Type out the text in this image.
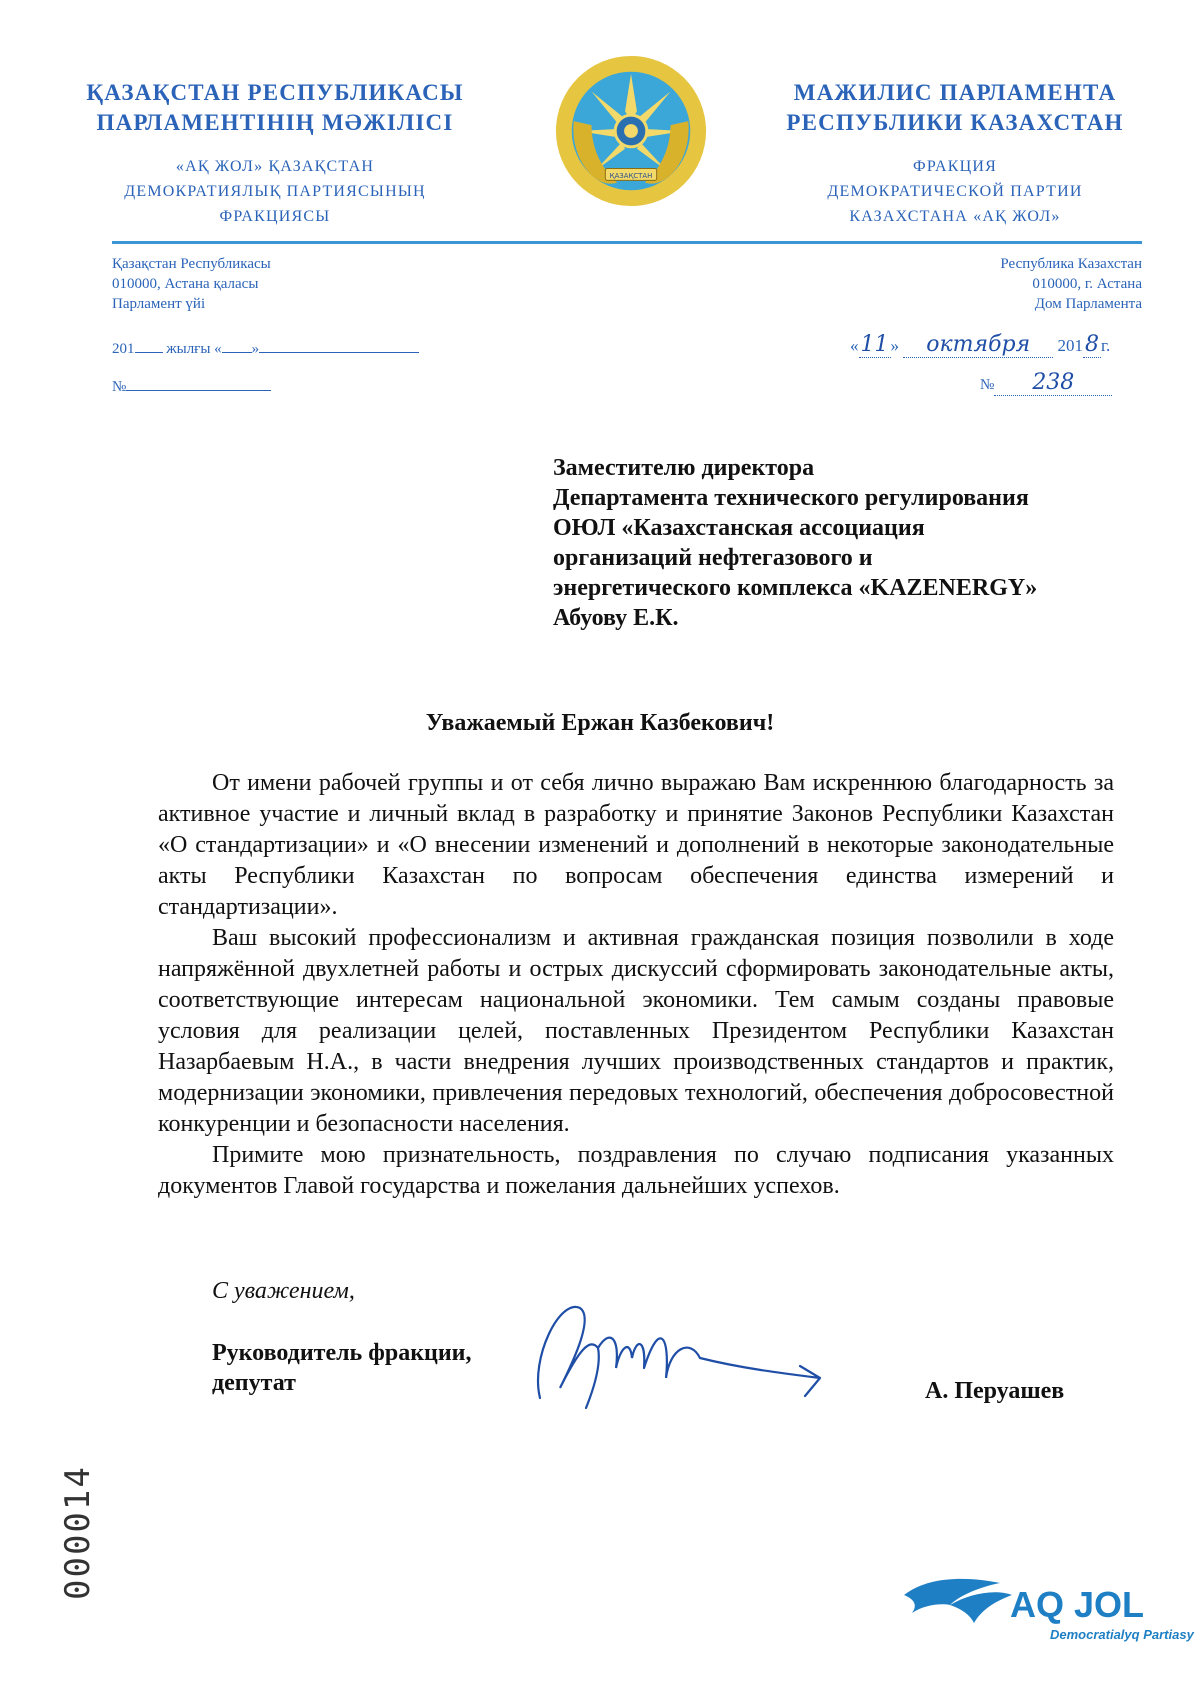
ҚАЗАҚСТАН РЕСПУБЛИКАСЫ
ПАРЛАМЕНТІНІҢ МӘЖІЛІСІ
«АҚ ЖОЛ» ҚАЗАҚСТАН
ДЕМОКРАТИЯЛЫҚ ПАРТИЯСЫНЫҢ
ФРАКЦИЯСЫ
ҚАЗАҚСТАН
МАЖИЛИС ПАРЛАМЕНТА
РЕСПУБЛИКИ КАЗАХСТАН
ФРАКЦИЯ
ДЕМОКРАТИЧЕСКОЙ ПАРТИИ
КАЗАХСТАНА «АҚ ЖОЛ»
Қазақстан Республикасы
010000, Астана қаласы
Парламент үйі
Республика Казахстан
010000, г. Астана
Дом Парламента
201 жылғы « »
№
«11 » октября 2018 г.
№ 238
Заместителю директора
Департамента технического регулирования
ОЮЛ «Казахстанская ассоциация
организаций нефтегазового и
энергетического комплекса «KAZENERGY»
Абуову Е.К.
Уважаемый Ержан Казбекович!

От имени рабочей группы и от себя лично выражаю Вам искреннюю благодарность за активное участие и личный вклад в разработку и принятие Законов Республики Казахстан «О стандартизации» и «О внесении изменений и дополнений в некоторые законодательные акты Республики Казахстан по вопросам обеспечения единства измерений и стандартизации».

Ваш высокий профессионализм и активная гражданская позиция позволили в ходе напряжённой двухлетней работы и острых дискуссий сформировать законодательные акты, соответствующие интересам национальной экономики. Тем самым созданы правовые условия для реализации целей, поставленных Президентом Республики Казахстан Назарбаевым Н.А., в части внедрения лучших производственных стандартов и практик, модернизации экономики, привлечения передовых технологий, обеспечения добросовестной конкуренции и безопасности населения.

Примите мою признательность, поздравления по случаю подписания указанных документов Главой государства и пожелания дальнейших успехов.

С уважением,
Руководитель фракции,
депутат	А. Перуашев
000014
AQ JOL
Democratialyq Partiasy
